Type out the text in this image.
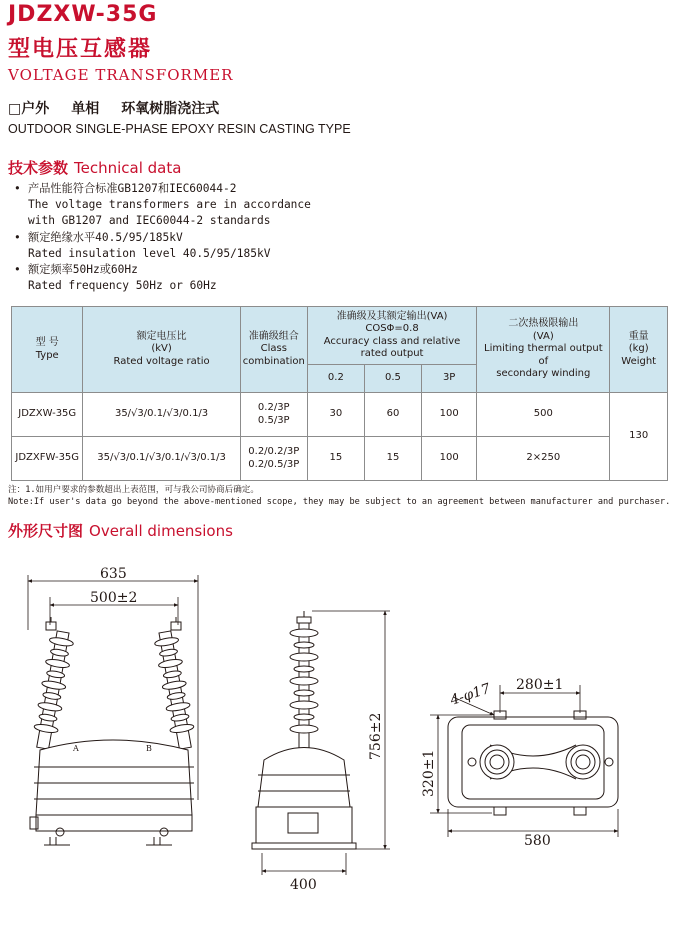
JDZXW-35G
型电压互感器
VOLTAGE TRANSFORMER
□户外 单相 环氧树脂浇注式
OUTDOOR SINGLE-PHASE EPOXY RESIN CASTING TYPE
技术参数 Technical data
• 产品性能符合标准GB1207和IEC60044-2
The voltage transformers are in accordance
with GB1207 and IEC60044-2 standards
• 额定绝缘水平40.5/95/185kV
Rated insulation level 40.5/95/185kV
• 额定频率50Hz或60Hz
Rated frequency 50Hz or 60Hz
型 号
Type	额定电压比
(kV)
Rated voltage ratio	准确级组合
Class
combination	准确级及其额定输出(VA)
COSΦ=0.8
Accuracy class and relative
rated output			二次热极限输出
(VA)
Limiting thermal output of
secondary winding	重量
(kg)
Weight
			0.2	0.5	3P		
JDZXW-35G	35/√3/0.1/√3/0.1/3	0.2/3P
0.5/3P	30	60	100	500	130
JDZXFW-35G	35/√3/0.1/√3/0.1/√3/0.1/3	0.2/0.2/3P
0.2/0.5/3P	15	15	100	2×250	
注：1.如用户要求的参数超出上表范围，可与我公司协商后确定。
Note:If user's data go beyond the above-mentioned scope, they may be subject to an agreement between manufacturer and purchaser.
外形尺寸图 Overall dimensions
635
500±2
A	B
400
756±2
4-φ17 280±1
320±1
580
